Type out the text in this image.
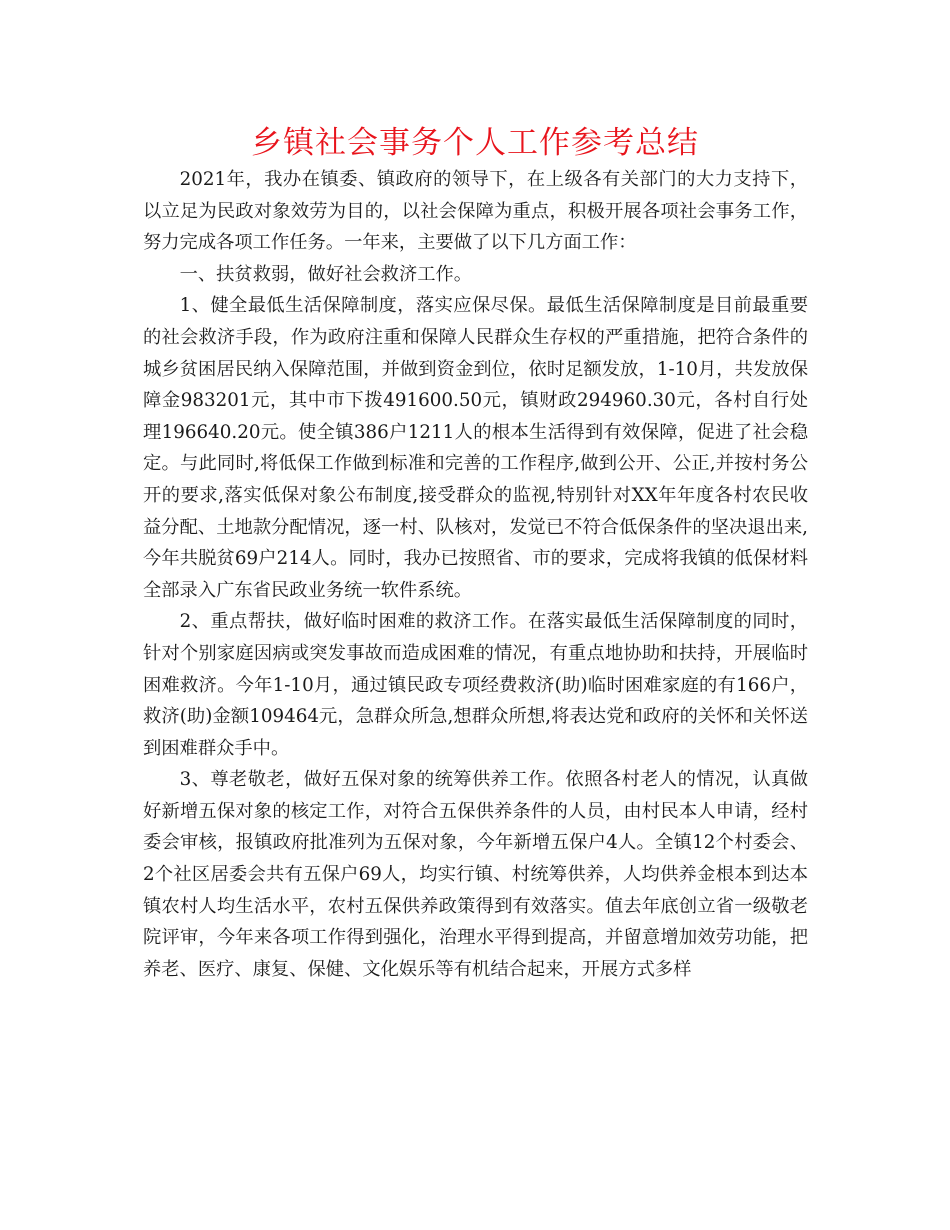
乡镇社会事务个人工作参考总结

2021年，我办在镇委、镇政府的领导下，在上级各有关部门的大力支持下，以立足为民政对象效劳为目的，以社会保障为重点，积极开展各项社会事务工作，努力完成各项工作任务。一年来，主要做了以下几方面工作：

一、扶贫救弱，做好社会救济工作。

1、健全最低生活保障制度，落实应保尽保。最低生活保障制度是目前最重要的社会救济手段，作为政府注重和保障人民群众生存权的严重措施，把符合条件的城乡贫困居民纳入保障范围，并做到资金到位，依时足额发放，1-10月，共发放保障金983201元，其中市下拨491600.50元，镇财政294960.30元，各村自行处理196640.20元。使全镇386户1211人的根本生活得到有效保障，促进了社会稳定。与此同时,将低保工作做到标准和完善的工作程序,做到公开、公正,并按村务公开的要求,落实低保对象公布制度,接受群众的监视,特别针对XX年年度各村农民收益分配、土地款分配情况，逐一村、队核对，发觉已不符合低保条件的坚决退出来,今年共脱贫69户214人。同时，我办已按照省、市的要求，完成将我镇的低保材料全部录入广东省民政业务统一软件系统。

2、重点帮扶，做好临时困难的救济工作。在落实最低生活保障制度的同时，针对个别家庭因病或突发事故而造成困难的情况，有重点地协助和扶持，开展临时困难救济。今年1-10月，通过镇民政专项经费救济(助)临时困难家庭的有166户，救济(助)金额109464元，急群众所急,想群众所想,将表达党和政府的关怀和关怀送到困难群众手中。

3、尊老敬老，做好五保对象的统筹供养工作。依照各村老人的情况，认真做好新增五保对象的核定工作，对符合五保供养条件的人员，由村民本人申请，经村委会审核，报镇政府批准列为五保对象，今年新增五保户4人。全镇12个村委会、2个社区居委会共有五保户69人，均实行镇、村统筹供养，人均供养金根本到达本镇农村人均生活水平，农村五保供养政策得到有效落实。值去年底创立省一级敬老院评审，今年来各项工作得到强化，治理水平得到提高，并留意增加效劳功能，把养老、医疗、康复、保健、文化娱乐等有机结合起来，开展方式多样
